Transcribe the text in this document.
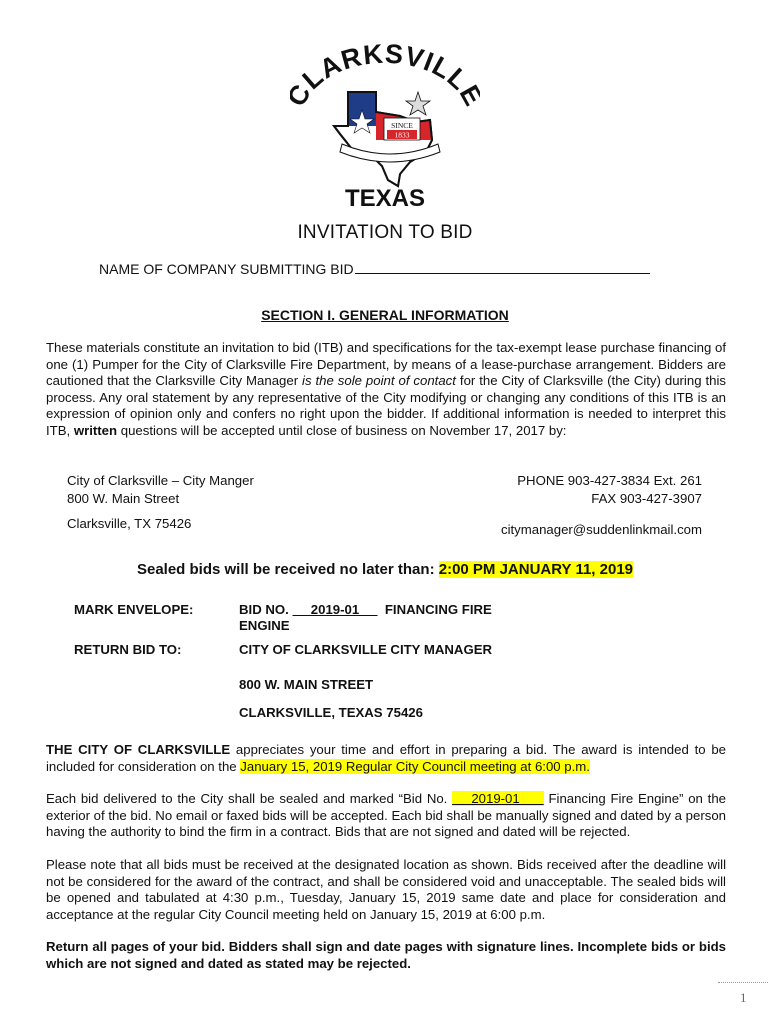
LARKSVILL
SINCE
1833
TEXAS
INVITATION TO BID
NAME OF COMPANY SUBMITTING BID
SECTION I. GENERAL INFORMATION
These materials constitute an invitation to bid (ITB) and specifications for the tax-exempt lease purchase financing of one (1) Pumper for the City of Clarksville Fire Department, by means of a lease-purchase arrangement. Bidders are cautioned that the Clarksville City Manager is the sole point of contact for the City of Clarksville (the City) during this process. Any oral statement by any representative of the City modifying or changing any conditions of this ITB is an expression of opinion only and confers no right upon the bidder. If additional information is needed to interpret this ITB, written questions will be accepted until close of business on November 17, 2017 by:
City of Clarksville – City Manger
800 W. Main Street
Clarksville, TX 75426
PHONE 903-427-3834 Ext. 261
FAX 903-427-3907
citymanager@suddenlinkmail.com
Sealed bids will be received no later than: 2:00 PM JANUARY 11, 2019
MARK ENVELOPE:	BID NO.      2019-01       FINANCING FIRE
ENGINE
RETURN BID TO:	CITY OF CLARKSVILLE CITY MANAGER
800 W. MAIN STREET
CLARKSVILLE, TEXAS 75426
THE CITY OF CLARKSVILLE appreciates your time and effort in preparing a bid. The award is intended to be included for consideration on the January 15, 2019 Regular City Council meeting at 6:00 p.m.
Each bid delivered to the City shall be sealed and marked “Bid No.     2019-01      Financing Fire Engine” on the exterior of the bid. No email or faxed bids will be accepted. Each bid shall be manually signed and dated by a person having the authority to bind the firm in a contract. Bids that are not signed and dated will be rejected.
Please note that all bids must be received at the designated location as shown. Bids received after the deadline will not be considered for the award of the contract, and shall be considered void and unacceptable. The sealed bids will be opened and tabulated at 4:30 p.m., Tuesday, January 15, 2019 same date and place for consideration and acceptance at the regular City Council meeting held on January 15, 2019 at 6:00 p.m.
Return all pages of your bid. Bidders shall sign and date pages with signature lines. Incomplete bids or bids which are not signed and dated as stated may be rejected.
1
